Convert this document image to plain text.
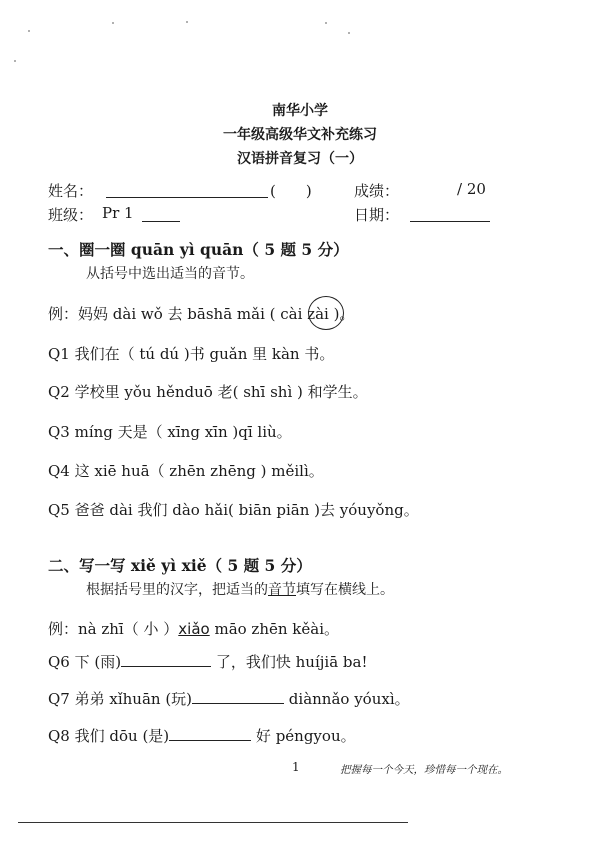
南华小学
一年级高级华文补充练习
汉语拼音复习（一）
姓名：	(　　)	成绩：	/ 20
班级： Pr 1	日期：
一、圈一圈 quān yì quān（ 5 题 5 分）
从括号中选出适当的音节。
例：妈妈 dài wǒ 去 bāshā mǎi ( cài zài )。
Q1 我们在（ tú dú )书 guǎn 里 kàn 书。
Q2 学校里 yǒu hěnduō 老( shī shì ) 和学生。
Q3 míng 天是（ xīng xīn )qī liù。
Q4 这 xiē huā（ zhēn zhēng ) měilì。
Q5 爸爸 dài 我们 dào hǎi( biān piān )去 yóuyǒng。
二、写一写 xiě yì xiě（ 5 题 5 分）
根据括号里的汉字，把适当的音节填写在横线上。
例：nà zhī（ 小 ）xiǎo māo zhēn kěài。
Q6 下 (雨)	了，我们快 huíjiā ba!
Q7 弟弟 xǐhuān (玩)	diànnǎo yóuxì。
Q8 我们 dōu (是)	好 péngyou。
1	把握每一个今天，珍惜每一个现在。
